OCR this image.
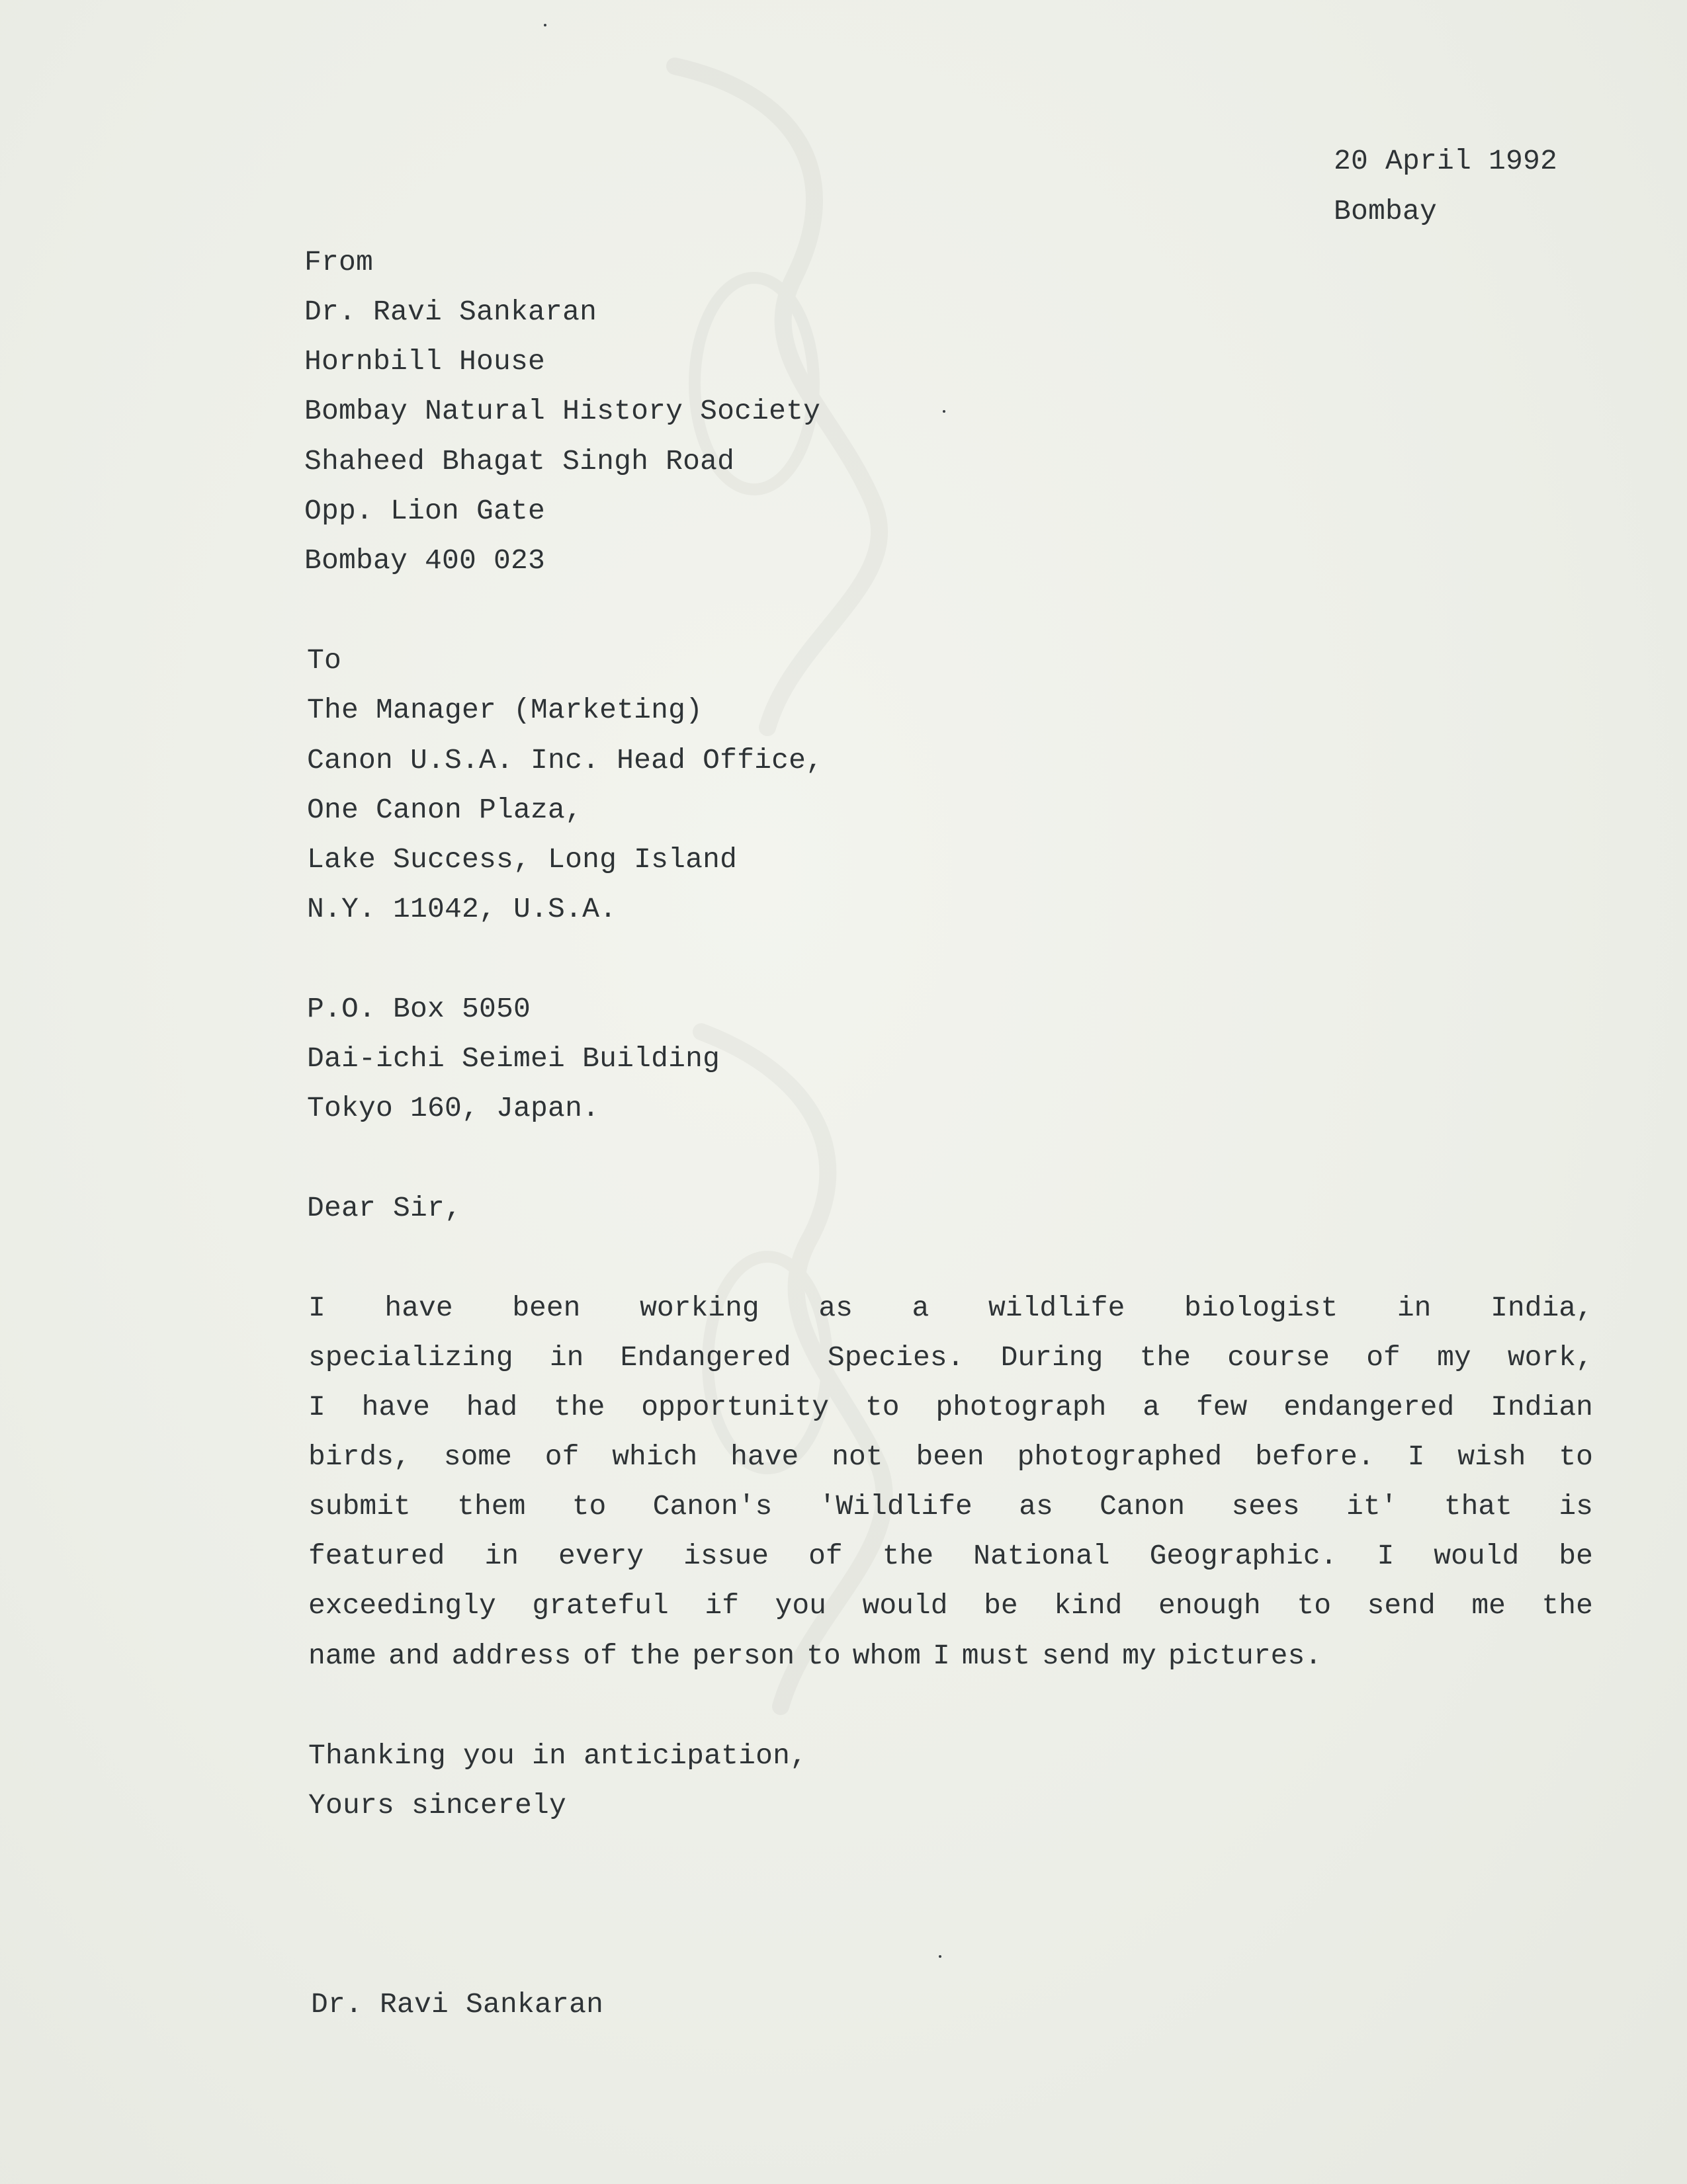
20 April 1992
Bombay
From
Dr. Ravi Sankaran
Hornbill House
Bombay Natural History Society
Shaheed Bhagat Singh Road
Opp. Lion Gate
Bombay 400 023
To
The Manager (Marketing)
Canon U.S.A. Inc. Head Office,
One Canon Plaza,
Lake Success, Long Island
N.Y. 11042, U.S.A.
P.O. Box 5050
Dai-ichi Seimei Building
Tokyo 160, Japan.
Dear Sir,
I have been working as a wildlife biologist in India,
specializing in Endangered Species. During the course of my work,
I have had the opportunity to photograph a few endangered Indian
birds, some of which have not been photographed before. I wish to
submit them to Canon's 'Wildlife as Canon sees it' that is
featured in every issue of the National Geographic. I would be
exceedingly grateful if you would be kind enough to send me the
name and address of the person to whom I must send my pictures.
Thanking you in anticipation,
Yours sincerely
Dr. Ravi Sankaran
